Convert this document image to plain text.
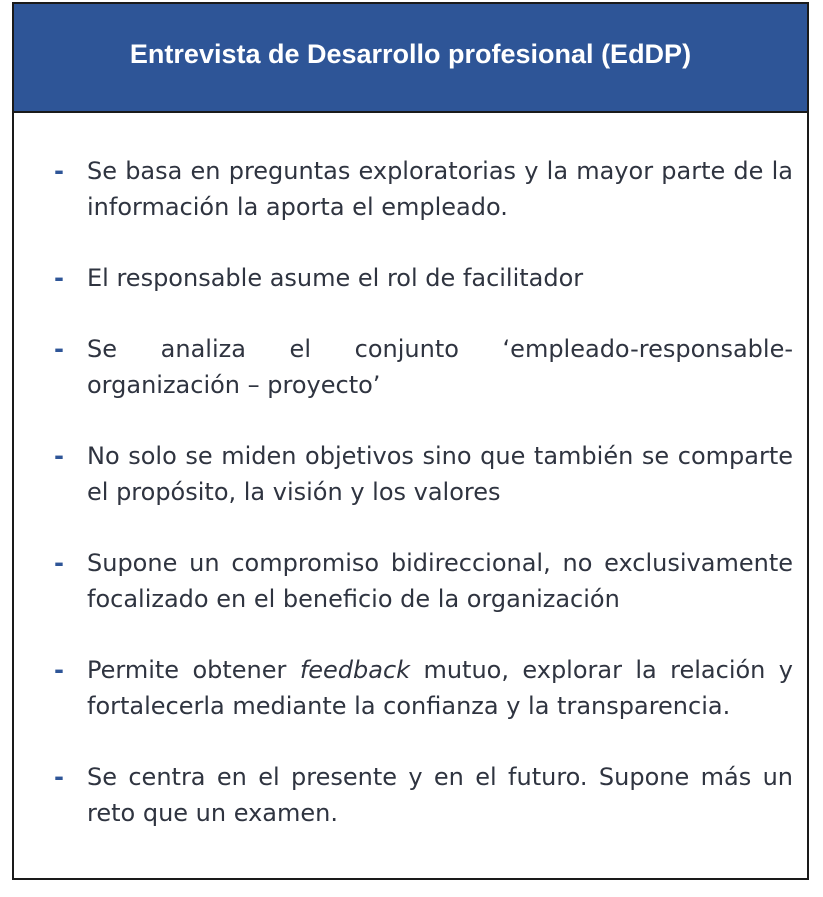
Entrevista de Desarrollo profesional (EdDP)
- Se basa en preguntas exploratorias y la mayor parte de la información la aporta el empleado.
- El responsable asume el rol de facilitador
- Se analiza el conjunto ‘empleado-responsable-organización – proyecto’
- No solo se miden objetivos sino que también se comparte el propósito, la visión y los valores
- Supone un compromiso bidireccional, no exclusivamente focalizado en el beneficio de la organización
- Permite obtener feedback mutuo, explorar la relación y fortalecerla mediante la confianza y la transparencia.
- Se centra en el presente y en el futuro. Supone más un reto que un examen.
